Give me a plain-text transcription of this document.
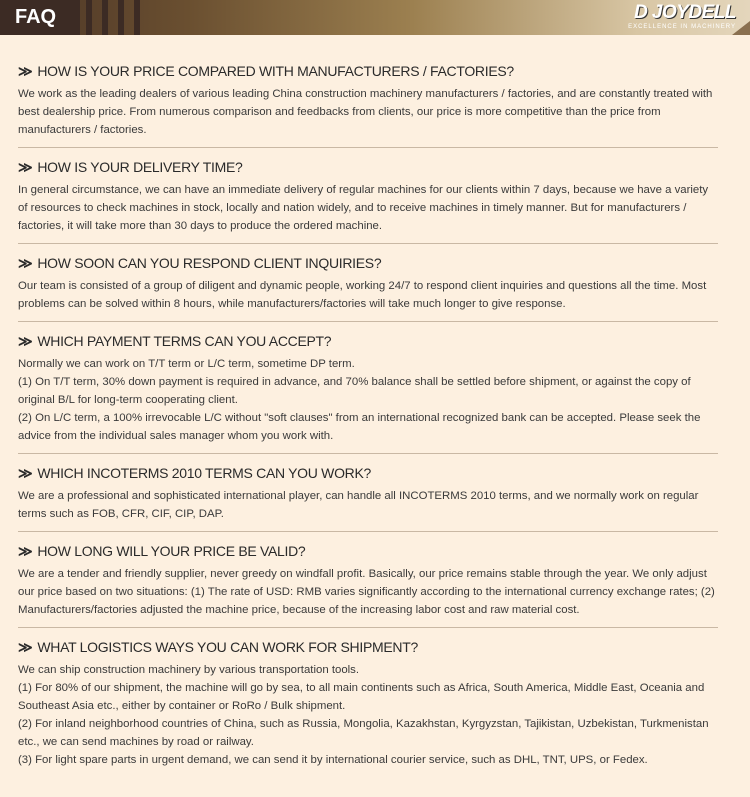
FAQ	D JOYDELL
EXCELLENCE IN MACHINERY
≫ HOW IS YOUR PRICE COMPARED WITH MANUFACTURERS / FACTORIES?

We work as the leading dealers of various leading China construction machinery manufacturers / factories, and are constantly treated with best dealership price. From numerous comparison and feedbacks from clients, our price is more competitive than the price from manufacturers / factories.

≫ HOW IS YOUR DELIVERY TIME?

In general circumstance, we can have an immediate delivery of regular machines for our clients within 7 days, because we have a variety of resources to check machines in stock, locally and nation widely, and to receive machines in timely manner. But for manufacturers / factories, it will take more than 30 days to produce the ordered machine.

≫ HOW SOON CAN YOU RESPOND CLIENT INQUIRIES?

Our team is consisted of a group of diligent and dynamic people, working 24/7 to respond client inquiries and questions all the time. Most problems can be solved within 8 hours, while manufacturers/factories will take much longer to give response.

≫ WHICH PAYMENT TERMS CAN YOU ACCEPT?

Normally we can work on T/T term or L/C term, sometime DP term.

(1) On T/T term, 30% down payment is required in advance, and 70% balance shall be settled before shipment, or against the copy of original B/L for long-term cooperating client.

(2) On L/C term, a 100% irrevocable L/C without "soft clauses" from an international recognized bank can be accepted. Please seek the advice from the individual sales manager whom you work with.

≫ WHICH INCOTERMS 2010 TERMS CAN YOU WORK?

We are a professional and sophisticated international player, can handle all INCOTERMS 2010 terms, and we normally work on regular terms such as FOB, CFR, CIF, CIP, DAP.

≫ HOW LONG WILL YOUR PRICE BE VALID?

We are a tender and friendly supplier, never greedy on windfall profit. Basically, our price remains stable through the year. We only adjust our price based on two situations: (1) The rate of USD: RMB varies significantly according to the international currency exchange rates; (2) Manufacturers/factories adjusted the machine price, because of the increasing labor cost and raw material cost.

≫ WHAT LOGISTICS WAYS YOU CAN WORK FOR SHIPMENT?

We can ship construction machinery by various transportation tools.

(1) For 80% of our shipment, the machine will go by sea, to all main continents such as Africa, South America, Middle East, Oceania and Southeast Asia etc., either by container or RoRo / Bulk shipment.

(2) For inland neighborhood countries of China, such as Russia, Mongolia, Kazakhstan, Kyrgyzstan, Tajikistan, Uzbekistan, Turkmenistan etc., we can send machines by road or railway.

(3) For light spare parts in urgent demand, we can send it by international courier service, such as DHL, TNT, UPS, or Fedex.
